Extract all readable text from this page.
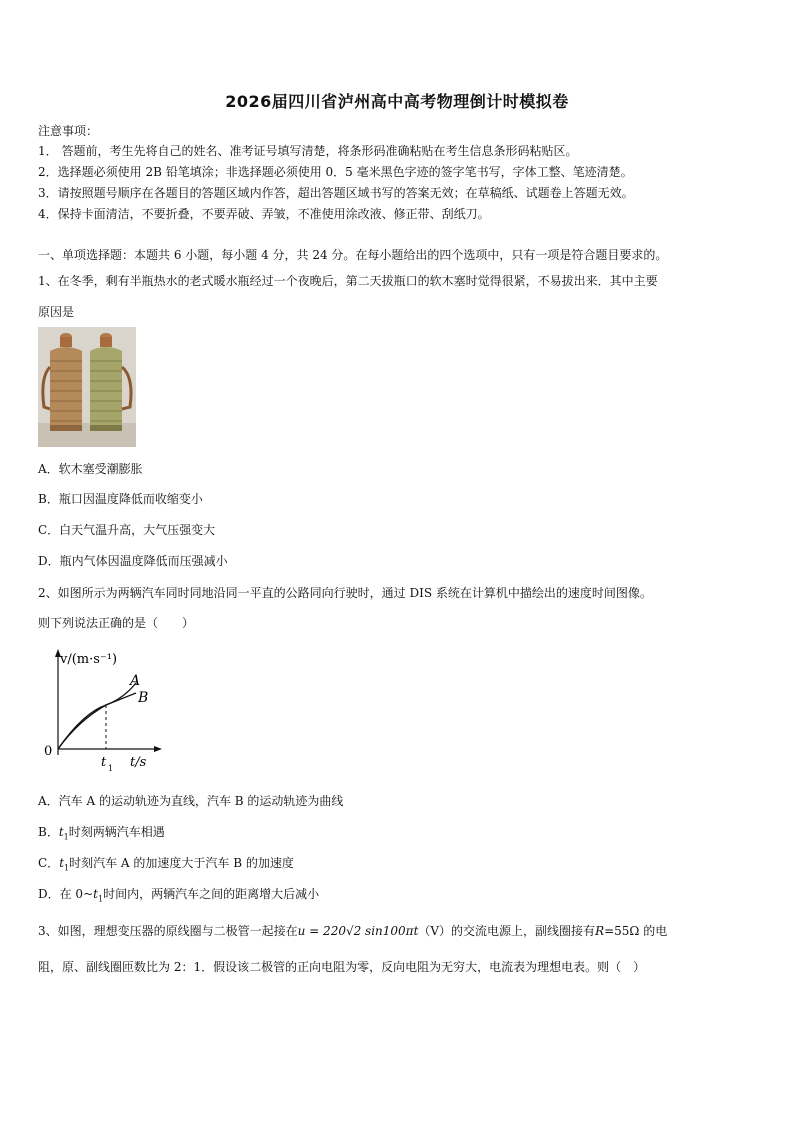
2026届四川省泸州高中高考物理倒计时模拟卷
注意事项：
1． 答题前，考生先将自己的姓名、准考证号填写清楚，将条形码准确粘贴在考生信息条形码粘贴区。
2．选择题必须使用 2B 铅笔填涂；非选择题必须使用 0．5 毫米黑色字迹的签字笔书写，字体工整、笔迹清楚。
3．请按照题号顺序在各题目的答题区域内作答，超出答题区域书写的答案无效；在草稿纸、试题卷上答题无效。
4．保持卡面清洁，不要折叠，不要弄破、弄皱，不准使用涂改液、修正带、刮纸刀。
一、单项选择题：本题共 6 小题，每小题 4 分，共 24 分。在每小题给出的四个选项中，只有一项是符合题目要求的。
1、在冬季，剩有半瓶热水的老式暖水瓶经过一个夜晚后，第二天拔瓶口的软木塞时觉得很紧，不易拔出来．其中主要
原因是
A．软木塞受潮膨胀
B．瓶口因温度降低而收缩变小
C．白天气温升高，大气压强变大
D．瓶内气体因温度降低而压强减小
2、如图所示为两辆汽车同时同地沿同一平直的公路同向行驶时，通过 DIS 系统在计算机中描绘出的速度时间图像。
则下列说法正确的是（　　）
v/(m·s⁻¹)
t/s
0
t 1
A
B
A．汽车 A 的运动轨迹为直线，汽车 B 的运动轨迹为曲线
B．$t_1$时刻两辆汽车相遇
C．$t_1$时刻汽车 A 的加速度大于汽车 B 的加速度
D．在 $0\sim t_1$时间内，两辆汽车之间的距离增大后减小
3、如图，理想变压器的原线圈与二极管一起接在u = 220√2 sin100πt（V）的交流电源上，副线圈接有R=55Ω 的电
阻，原、副线圈匝数比为 2：1．假设该二极管的正向电阻为零，反向电阻为无穷大，电流表为理想电表。则（　）
